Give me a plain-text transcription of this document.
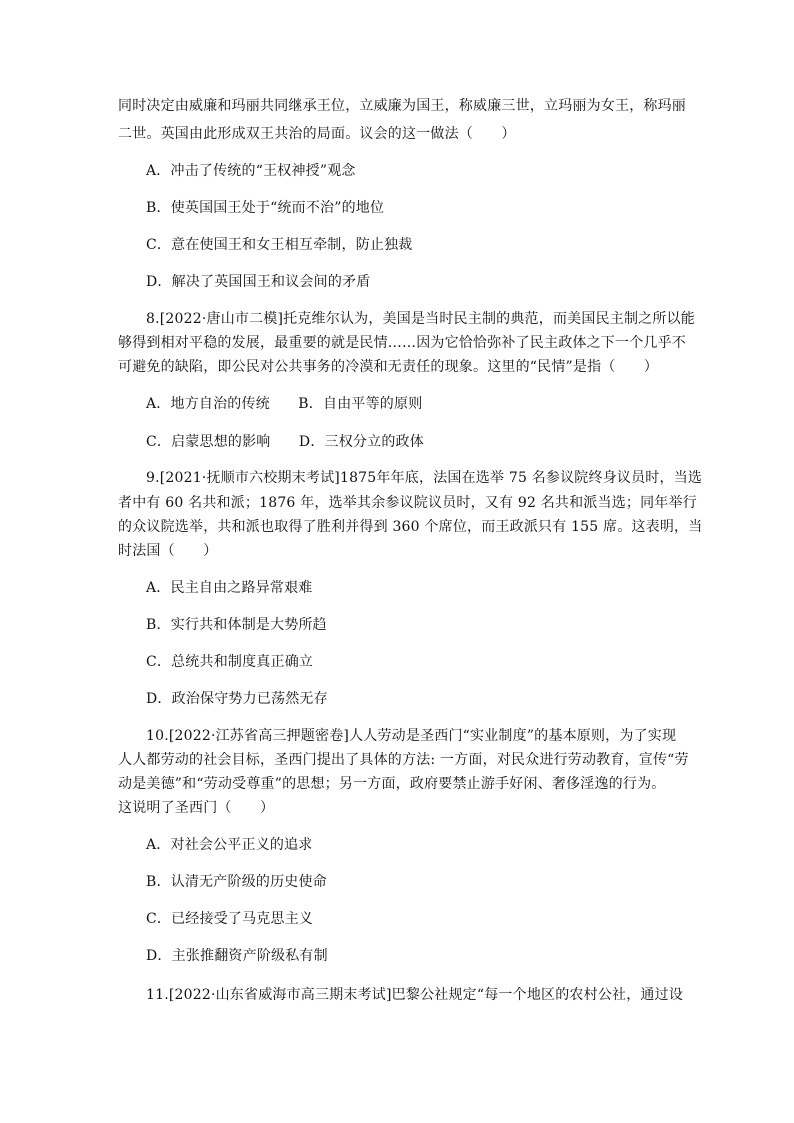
同时决定由威廉和玛丽共同继承王位，立威廉为国王，称威廉三世，立玛丽为女王，称玛丽
二世。英国由此形成双王共治的局面。议会的这一做法（　　）
A．冲击了传统的“王权神授”观念
B．使英国国王处于“统而不治”的地位
C．意在使国王和女王相互牵制，防止独裁
D．解决了英国国王和议会间的矛盾
8.[2022·唐山市二模]托克维尔认为，美国是当时民主制的典范，而美国民主制之所以能
够得到相对平稳的发展，最重要的就是民情……因为它恰恰弥补了民主政体之下一个几乎不
可避免的缺陷，即公民对公共事务的冷漠和无责任的现象。这里的“民情”是指（　　）
A．地方自治的传统　　B．自由平等的原则
C．启蒙思想的影响　　D．三权分立的政体
9.[2021·抚顺市六校期末考试]1875年年底，法国在选举 75 名参议院终身议员时，当选
者中有 60 名共和派；1876 年，选举其余参议院议员时，又有 92 名共和派当选；同年举行
的众议院选举，共和派也取得了胜利并得到 360 个席位，而王政派只有 155 席。这表明，当
时法国（　　）
A．民主自由之路异常艰难
B．实行共和体制是大势所趋
C．总统共和制度真正确立
D．政治保守势力已荡然无存
10.[2022·江苏省高三押题密卷]人人劳动是圣西门“实业制度”的基本原则，为了实现
人人都劳动的社会目标，圣西门提出了具体的方法: 一方面，对民众进行劳动教育，宣传“劳
动是美德”和“劳动受尊重”的思想；另一方面，政府要禁止游手好闲、奢侈淫逸的行为。
这说明了圣西门（　　）
A．对社会公平正义的追求
B．认清无产阶级的历史使命
C．已经接受了马克思主义
D．主张推翻资产阶级私有制
11.[2022·山东省威海市高三期末考试]巴黎公社规定“每一个地区的农村公社，通过设
